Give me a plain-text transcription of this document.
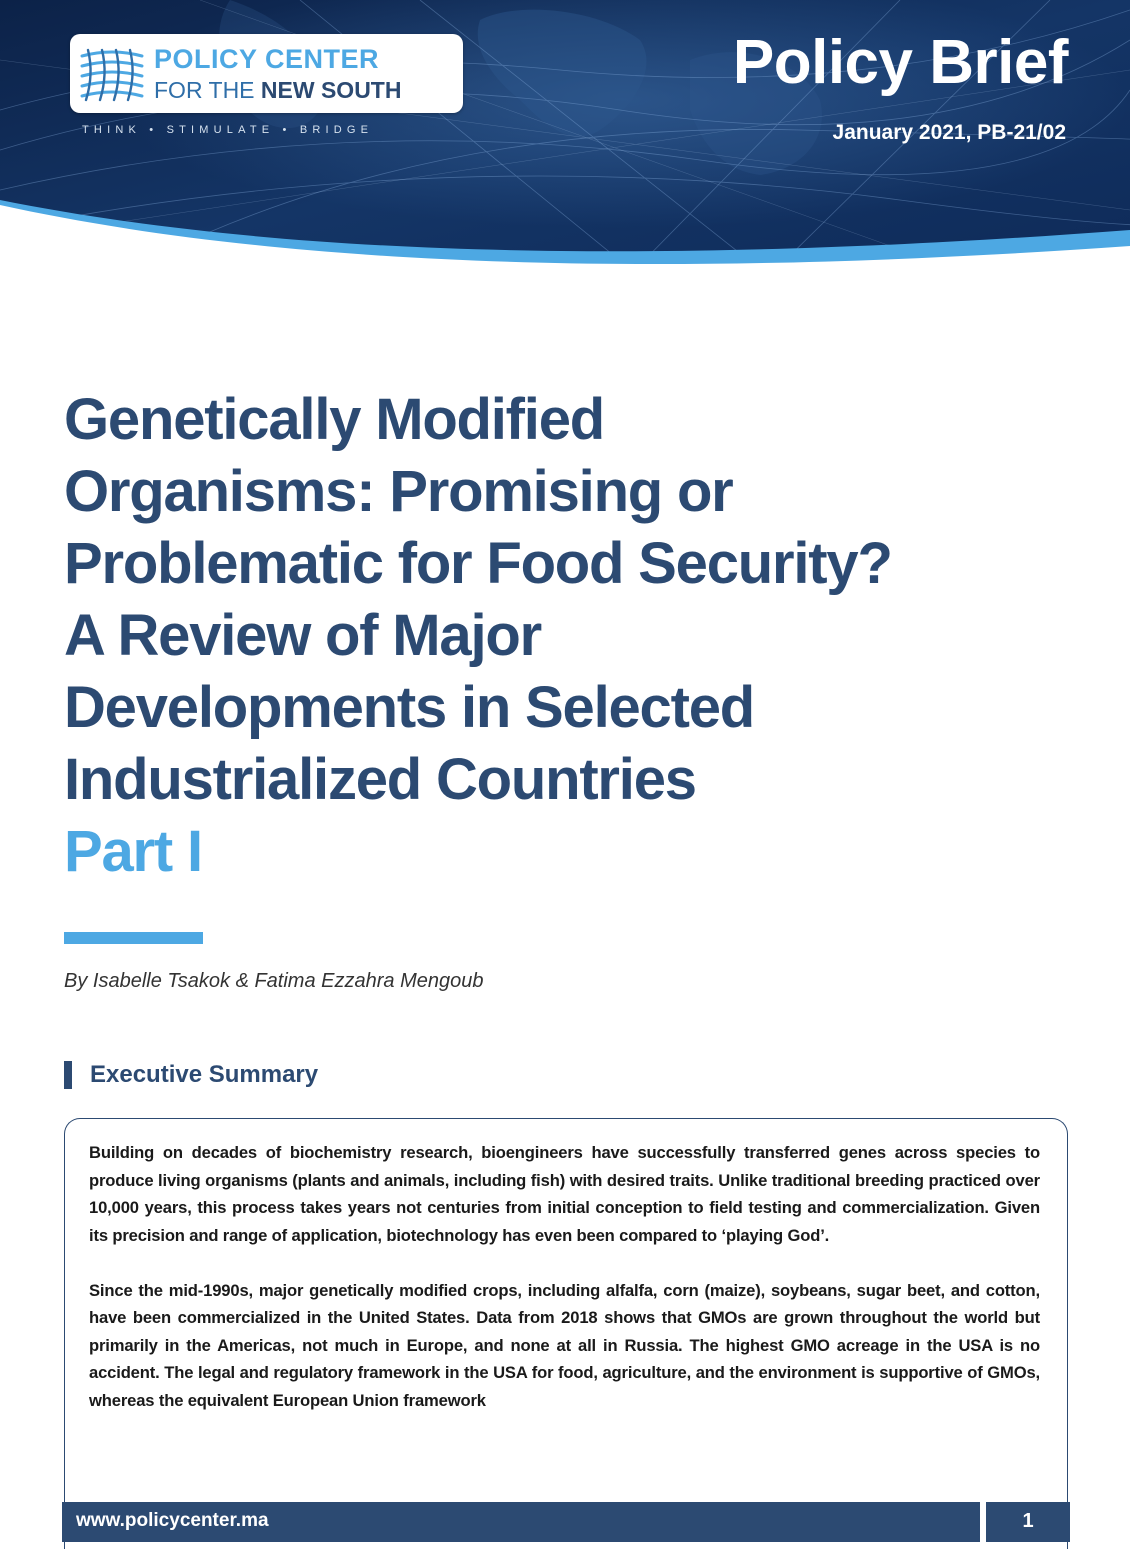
POLICY CENTER
FOR THE NEW SOUTH
THINK • STIMULATE • BRIDGE
Policy Brief
January 2021, PB-21/02
Genetically Modified
Organisms: Promising or
Problematic for Food Security?
A Review of Major
Developments in Selected
Industrialized Countries
Part I
By Isabelle Tsakok & Fatima Ezzahra Mengoub
Executive Summary

Building on decades of biochemistry research, bioengineers have successfully transferred genes across species to produce living organisms (plants and animals, including fish) with desired traits. Unlike traditional breeding practiced over 10,000 years, this process takes years not centuries from initial conception to field testing and commercialization. Given its precision and range of application, biotechnology has even been compared to ‘playing God’.

Since the mid-1990s, major genetically modified crops, including alfalfa, corn (maize), soybeans, sugar beet, and cotton, have been commercialized in the United States. Data from 2018 shows that GMOs are grown throughout the world but primarily in the Americas, not much in Europe, and none at all in Russia. The highest GMO acreage in the USA is no accident. The legal and regulatory framework in the USA for food, agriculture, and the environment is supportive of GMOs, whereas the equivalent European Union framework

www.policycenter.ma	1
